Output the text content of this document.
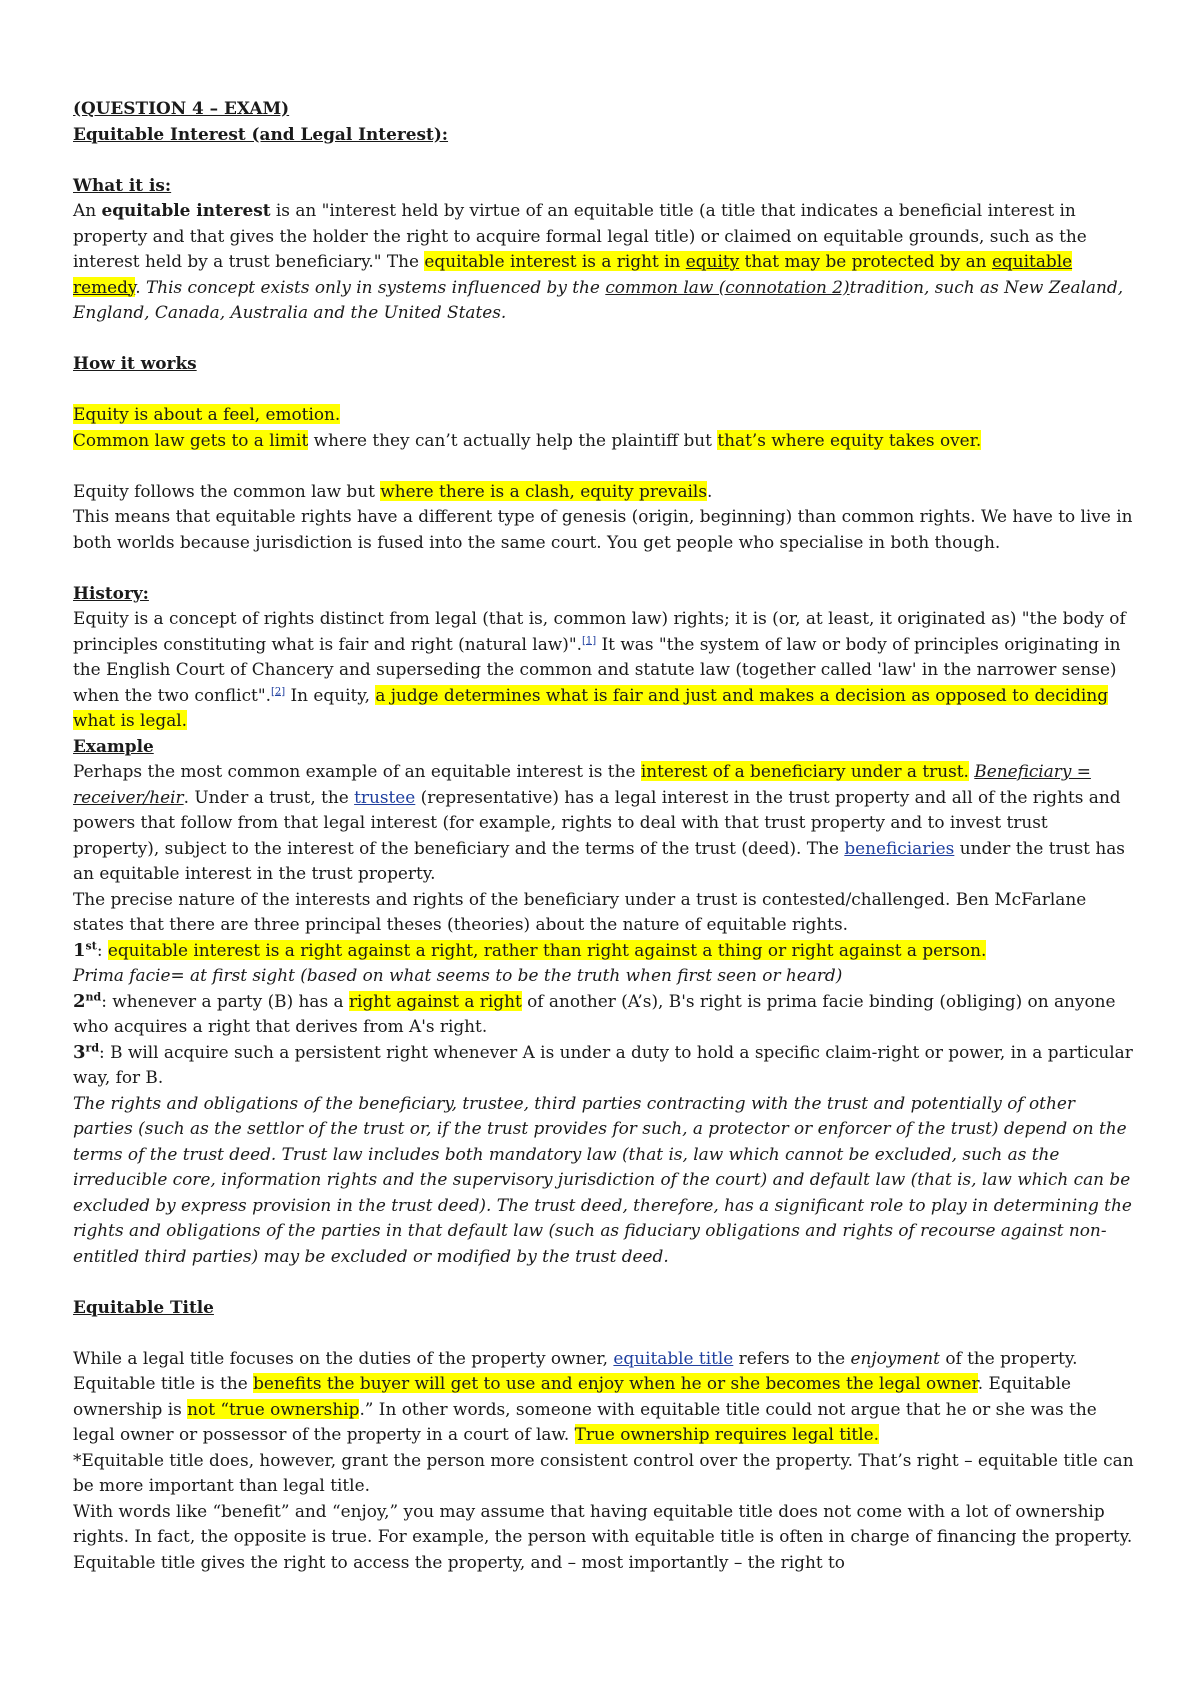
(QUESTION 4 – EXAM)

Equitable Interest (and Legal Interest):

What it is:

An equitable interest is an "interest held by virtue of an equitable title (a title that indicates a beneficial interest in property and that gives the holder the right to acquire formal legal title) or claimed on equitable grounds, such as the interest held by a trust beneficiary." The equitable interest is a right in equity that may be protected by an equitable remedy. This concept exists only in systems influenced by the common law (connotation 2)tradition, such as New Zealand, England, Canada, Australia and the United States.

How it works

Equity is about a feel, emotion.

Common law gets to a limit where they can’t actually help the plaintiff but that’s where equity takes over.

Equity follows the common law but where there is a clash, equity prevails.

This means that equitable rights have a different type of genesis (origin, beginning) than common rights. We have to live in both worlds because jurisdiction is fused into the same court. You get people who specialise in both though.

History:

Equity is a concept of rights distinct from legal (that is, common law) rights; it is (or, at least, it originated as) "the body of principles constituting what is fair and right (natural law)".[1] It was "the system of law or body of principles originating in the English Court of Chancery and superseding the common and statute law (together called 'law' in the narrower sense) when the two conflict".[2] In equity, a judge determines what is fair and just and makes a decision as opposed to deciding what is legal.

Example

Perhaps the most common example of an equitable interest is the interest of a beneficiary under a trust. Beneficiary = receiver/heir. Under a trust, the trustee (representative) has a legal interest in the trust property and all of the rights and powers that follow from that legal interest (for example, rights to deal with that trust property and to invest trust property), subject to the interest of the beneficiary and the terms of the trust (deed). The beneficiaries under the trust has an equitable interest in the trust property.

The precise nature of the interests and rights of the beneficiary under a trust is contested/challenged. Ben McFarlane states that there are three principal theses (theories) about the nature of equitable rights.

1st: equitable interest is a right against a right, rather than right against a thing or right against a person.

Prima facie= at first sight (based on what seems to be the truth when first seen or heard)

2nd: whenever a party (B) has a right against a right of another (A’s), B's right is prima facie binding (obliging) on anyone who acquires a right that derives from A's right.

3rd: B will acquire such a persistent right whenever A is under a duty to hold a specific claim-right or power, in a particular way, for B.

The rights and obligations of the beneficiary, trustee, third parties contracting with the trust and potentially of other parties (such as the settlor of the trust or, if the trust provides for such, a protector or enforcer of the trust) depend on the terms of the trust deed. Trust law includes both mandatory law (that is, law which cannot be excluded, such as the irreducible core, information rights and the supervisory jurisdiction of the court) and default law (that is, law which can be excluded by express provision in the trust deed). The trust deed, therefore, has a significant role to play in determining the rights and obligations of the parties in that default law (such as fiduciary obligations and rights of recourse against non-entitled third parties) may be excluded or modified by the trust deed.

Equitable Title

While a legal title focuses on the duties of the property owner, equitable title refers to the enjoyment of the property. Equitable title is the benefits the buyer will get to use and enjoy when he or she becomes the legal owner. Equitable ownership is not “true ownership.” In other words, someone with equitable title could not argue that he or she was the legal owner or possessor of the property in a court of law. True ownership requires legal title.

*Equitable title does, however, grant the person more consistent control over the property. That’s right – equitable title can be more important than legal title.

With words like “benefit” and “enjoy,” you may assume that having equitable title does not come with a lot of ownership rights. In fact, the opposite is true. For example, the person with equitable title is often in charge of financing the property. Equitable title gives the right to access the property, and – most importantly – the right to
